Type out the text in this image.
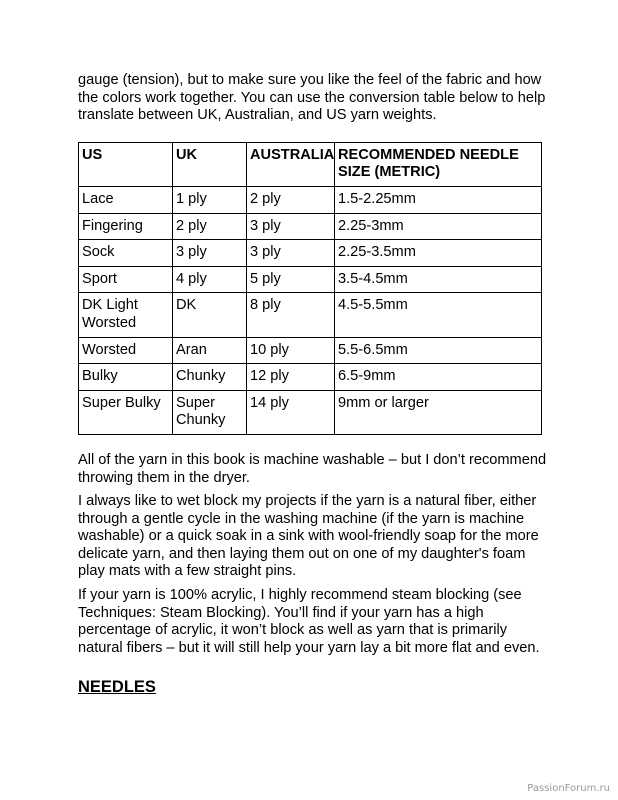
gauge (tension), but to make sure you like the feel of the fabric and how the colors work together. You can use the conversion table below to help translate between UK, Australian, and US yarn weights.

US	UK	AUSTRALIA	RECOMMENDED NEEDLE SIZE (METRIC)
Lace	1 ply	2 ply	1.5-2.25mm
Fingering	2 ply	3 ply	2.25-3mm
Sock	3 ply	3 ply	2.25-3.5mm
Sport	4 ply	5 ply	3.5-4.5mm
DK Light Worsted	DK	8 ply	4.5-5.5mm
Worsted	Aran	10 ply	5.5-6.5mm
Bulky	Chunky	12 ply	6.5-9mm
Super Bulky	Super Chunky	14 ply	9mm or larger

All of the yarn in this book is machine washable – but I don’t recommend throwing them in the dryer.

I always like to wet block my projects if the yarn is a natural fiber, either through a gentle cycle in the washing machine (if the yarn is machine washable) or a quick soak in a sink with wool-friendly soap for the more delicate yarn, and then laying them out on one of my daughter's foam play mats with a few straight pins.

If your yarn is 100% acrylic, I highly recommend steam blocking (see Techniques: Steam Blocking). You’ll find if your yarn has a high percentage of acrylic, it won’t block as well as yarn that is primarily natural fibers – but it will still help your yarn lay a bit more flat and even.

NEEDLES
PassionForum.ru
